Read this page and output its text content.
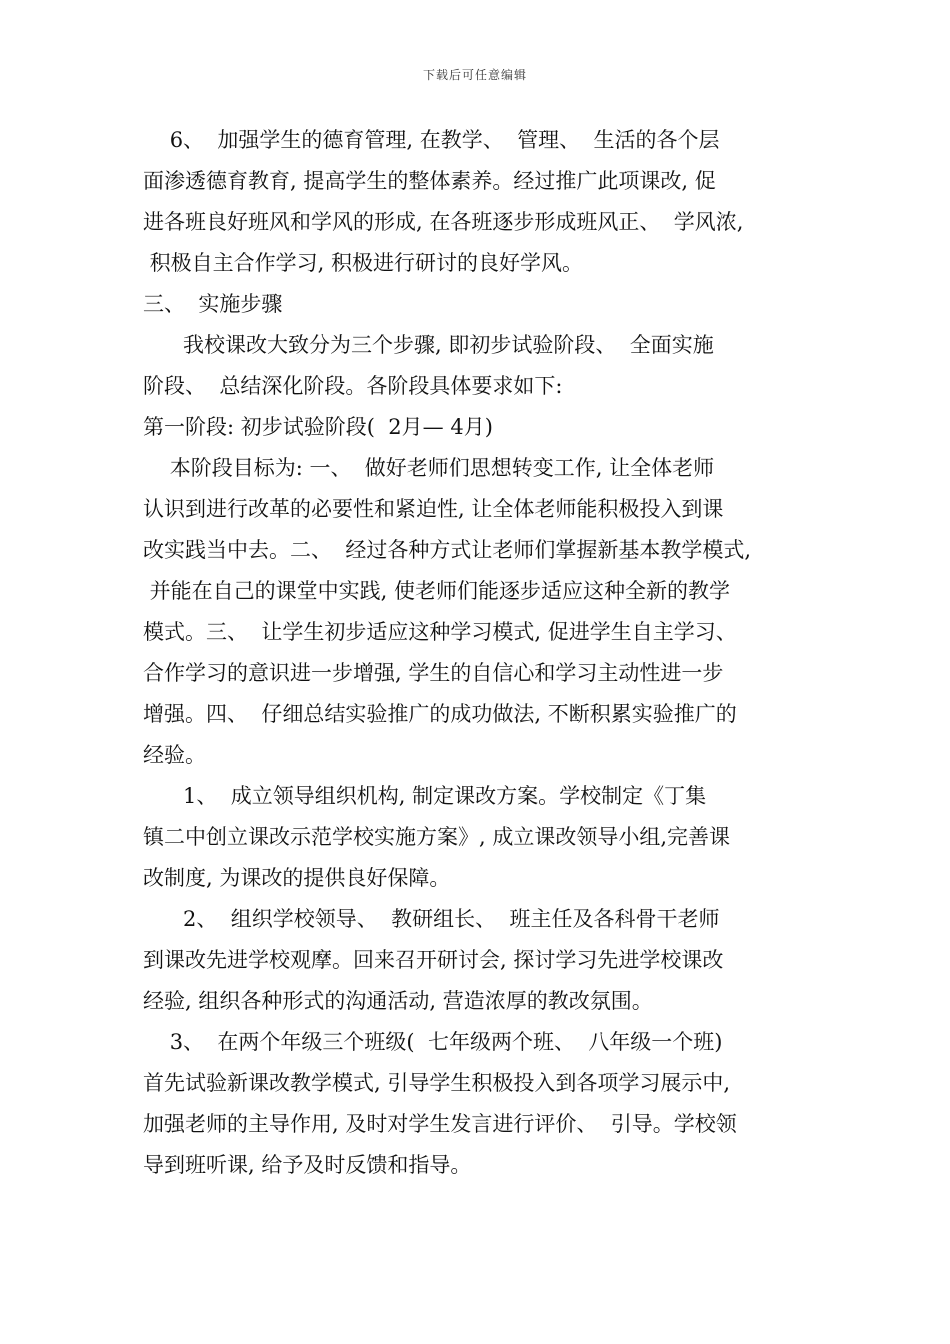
下载后可任意编辑
6、  加强学生的德育管理, 在教学、  管理、  生活的各个层
面渗透德育教育, 提高学生的整体素养。经过推广此项课改, 促
进各班良好班风和学风的形成, 在各班逐步形成班风正、  学风浓,
积极自主合作学习, 积极进行研讨的良好学风。
三、  实施步骤
我校课改大致分为三个步骤, 即初步试验阶段、  全面实施
阶段、  总结深化阶段。各阶段具体要求如下:
第一阶段: 初步试验阶段(  2月— 4月)
本阶段目标为: 一、  做好老师们思想转变工作, 让全体老师
认识到进行改革的必要性和紧迫性, 让全体老师能积极投入到课
改实践当中去。二、  经过各种方式让老师们掌握新基本教学模式,
并能在自己的课堂中实践, 使老师们能逐步适应这种全新的教学
模式。三、  让学生初步适应这种学习模式, 促进学生自主学习、
合作学习的意识进一步增强, 学生的自信心和学习主动性进一步
增强。四、  仔细总结实验推广的成功做法, 不断积累实验推广的
经验。
1、  成立领导组织机构, 制定课改方案。学校制定《丁集
镇二中创立课改示范学校实施方案》, 成立课改领导小组,完善课
改制度, 为课改的提供良好保障。
2、  组织学校领导、  教研组长、  班主任及各科骨干老师
到课改先进学校观摩。回来召开研讨会, 探讨学习先进学校课改
经验, 组织各种形式的沟通活动, 营造浓厚的教改氛围。
3、  在两个年级三个班级(  七年级两个班、  八年级一个班)
首先试验新课改教学模式, 引导学生积极投入到各项学习展示中,
加强老师的主导作用, 及时对学生发言进行评价、  引导。学校领
导到班听课, 给予及时反馈和指导。
